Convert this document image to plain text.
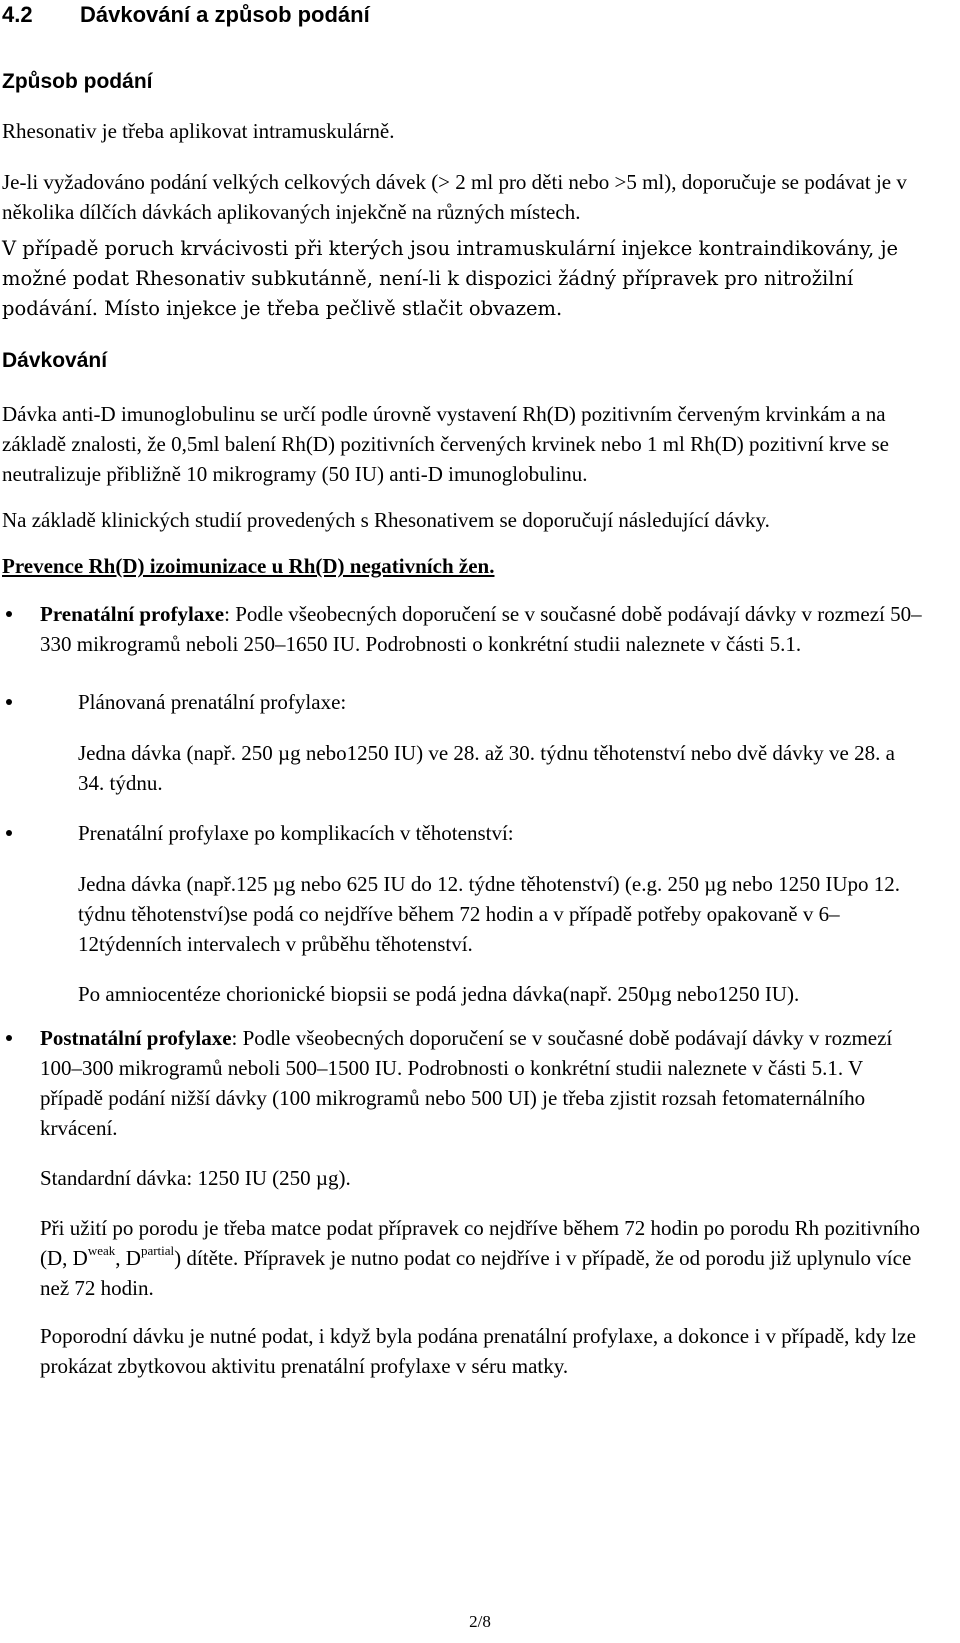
4.2	Dávkování a způsob podání
Způsob podání

Rhesonativ je třeba aplikovat intramuskulárně.

Je-li vyžadováno podání velkých celkových dávek (> 2 ml pro děti nebo >5 ml), doporučuje se podávat je v několika dílčích dávkách aplikovaných injekčně na různých místech.

V případě poruch krvácivosti při kterých jsou intramuskulární injekce kontraindikovány, je možné podat Rhesonativ subkutánně, není-li k dispozici žádný přípravek pro nitrožilní podávání. Místo injekce je třeba pečlivě stlačit obvazem.

Dávkování

Dávka anti-D imunoglobulinu se určí podle úrovně vystavení Rh(D) pozitivním červeným krvinkám a na základě znalosti, že 0,5ml balení Rh(D) pozitivních červených krvinek nebo 1 ml Rh(D) pozitivní krve se neutralizuje přibližně 10 mikrogramy (50 IU) anti-D imunoglobulinu.

Na základě klinických studií provedených s Rhesonativem se doporučují následující dávky.

Prevence Rh(D) izoimunizace u Rh(D) negativních žen.

Prenatální profylaxe: Podle všeobecných doporučení se v současné době podávají dávky v rozmezí 50–330 mikrogramů neboli 250–1650 IU. Podrobnosti o konkrétní studii naleznete v části 5.1.
Plánovaná prenatální profylaxe:

Jedna dávka (např. 250 µg nebo1250 IU) ve 28. až 30. týdnu těhotenství nebo dvě dávky ve 28. a 34. týdnu.

Prenatální profylaxe po komplikacích v těhotenství:

Jedna dávka (např.125 µg nebo 625 IU do 12. týdne těhotenství) (e.g. 250 µg nebo 1250 IUpo 12. týdnu těhotenství)se podá co nejdříve během 72 hodin a v případě potřeby opakovaně v 6–12týdenních intervalech v průběhu těhotenství.

Po amniocentéze chorionické biopsii se podá jedna dávka(např. 250µg nebo1250 IU).

Postnatální profylaxe: Podle všeobecných doporučení se v současné době podávají dávky v rozmezí 100–300 mikrogramů neboli 500–1500 IU. Podrobnosti o konkrétní studii naleznete v části 5.1. V případě podání nižší dávky (100 mikrogramů nebo 500 UI) je třeba zjistit rozsah fetomaternálního krvácení.

Standardní dávka: 1250 IU (250 µg).

Při užití po porodu je třeba matce podat přípravek co nejdříve během 72 hodin po porodu Rh pozitivního (D, $D^{weak}$, $D^{partial}$) dítěte. Přípravek je nutno podat co nejdříve i v případě, že od porodu již uplynulo více než 72 hodin.

Poporodní dávku je nutné podat, i když byla podána prenatální profylaxe, a dokonce i v případě, kdy lze prokázat zbytkovou aktivitu prenatální profylaxe v séru matky.

2/8
